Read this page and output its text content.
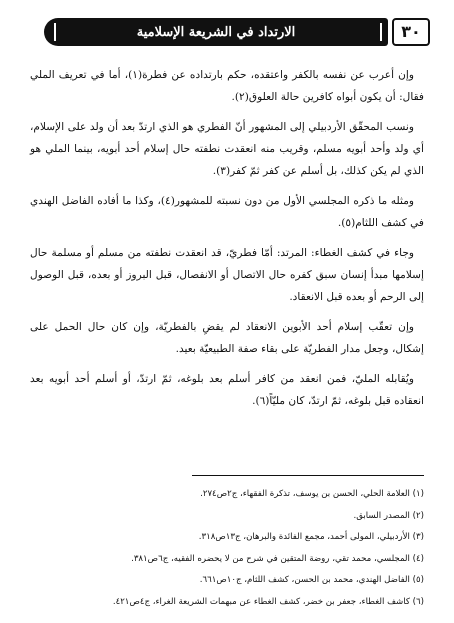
٣٠
الارتداد في الشريعة الإسلامية

وإن أعرب عن نفسه بالكفر واعتقده، حكم بارتداده عن فطرة(١)، أما في تعريف الملي فقال: أن يكون أبواه كافرين حالة العلوق(٢).

ونسب المحقّق الأردبيلي إلى المشهور أنّ الفطري هو الذي ارتدّ بعد أن ولد على الإسلام، أي ولد وأحد أبويه مسلم، وقريب منه انعقدت نطفته حال إسلام أحد أبويه، بينما الملي هو الذي لم يكن كذلك، بل أسلم عن كفر ثمّ كفر(٣).

ومثله ما ذكره المجلسي الأول من دون نسبته للمشهور(٤)، وكذا ما أفاده الفاضل الهندي في كشف اللثام(٥).

وجاء في كشف الغطاء: المرتد: أمّا فطريّ، قد انعقدت نطفته من مسلم أو مسلمة حال إسلامها مبدأ إنسان سبق كفره حال الاتصال أو الانفصال، قبل البروز أو بعده، قبل الوصول إلى الرحم أو بعده قبل الانعقاد.

وإن تعقّب إسلام أحد الأبوين الانعقاد لم يقضِ بالفطريّة، وإن كان حال الحمل على إشكال، وجعل مدار الفطريّة على بقاء صفة الطبيعيّة بعيد.

ويُقابله المليّ، فمن انعقد من كافر أسلم بعد بلوغه، ثمّ ارتدّ، أو أسلم أحد أبويه بعد انعقاده قبل بلوغه، ثمّ ارتدّ، كان مليّاً(٦).

(١) العلامة الحلي، الحسن بن يوسف، تذكرة الفقهاء، ج٢ص٢٧٤.
(٢) المصدر السابق.
(٣) الأردبيلي، المولى أحمد، مجمع الفائدة والبرهان، ج١٣ص٣١٨.
(٤) المجلسي، محمد تقي، روضة المتقين في شرح من لا يحضره الفقيه، ج٦ص٣٨١.
(٥) الفاضل الهندي، محمد بن الحسن، كشف اللثام، ج١٠ص٦٦١.
(٦) كاشف الغطاء، جعفر بن خضر، كشف الغطاء عن مبهمات الشريعة الغراء، ج٤ص٤٢١.
